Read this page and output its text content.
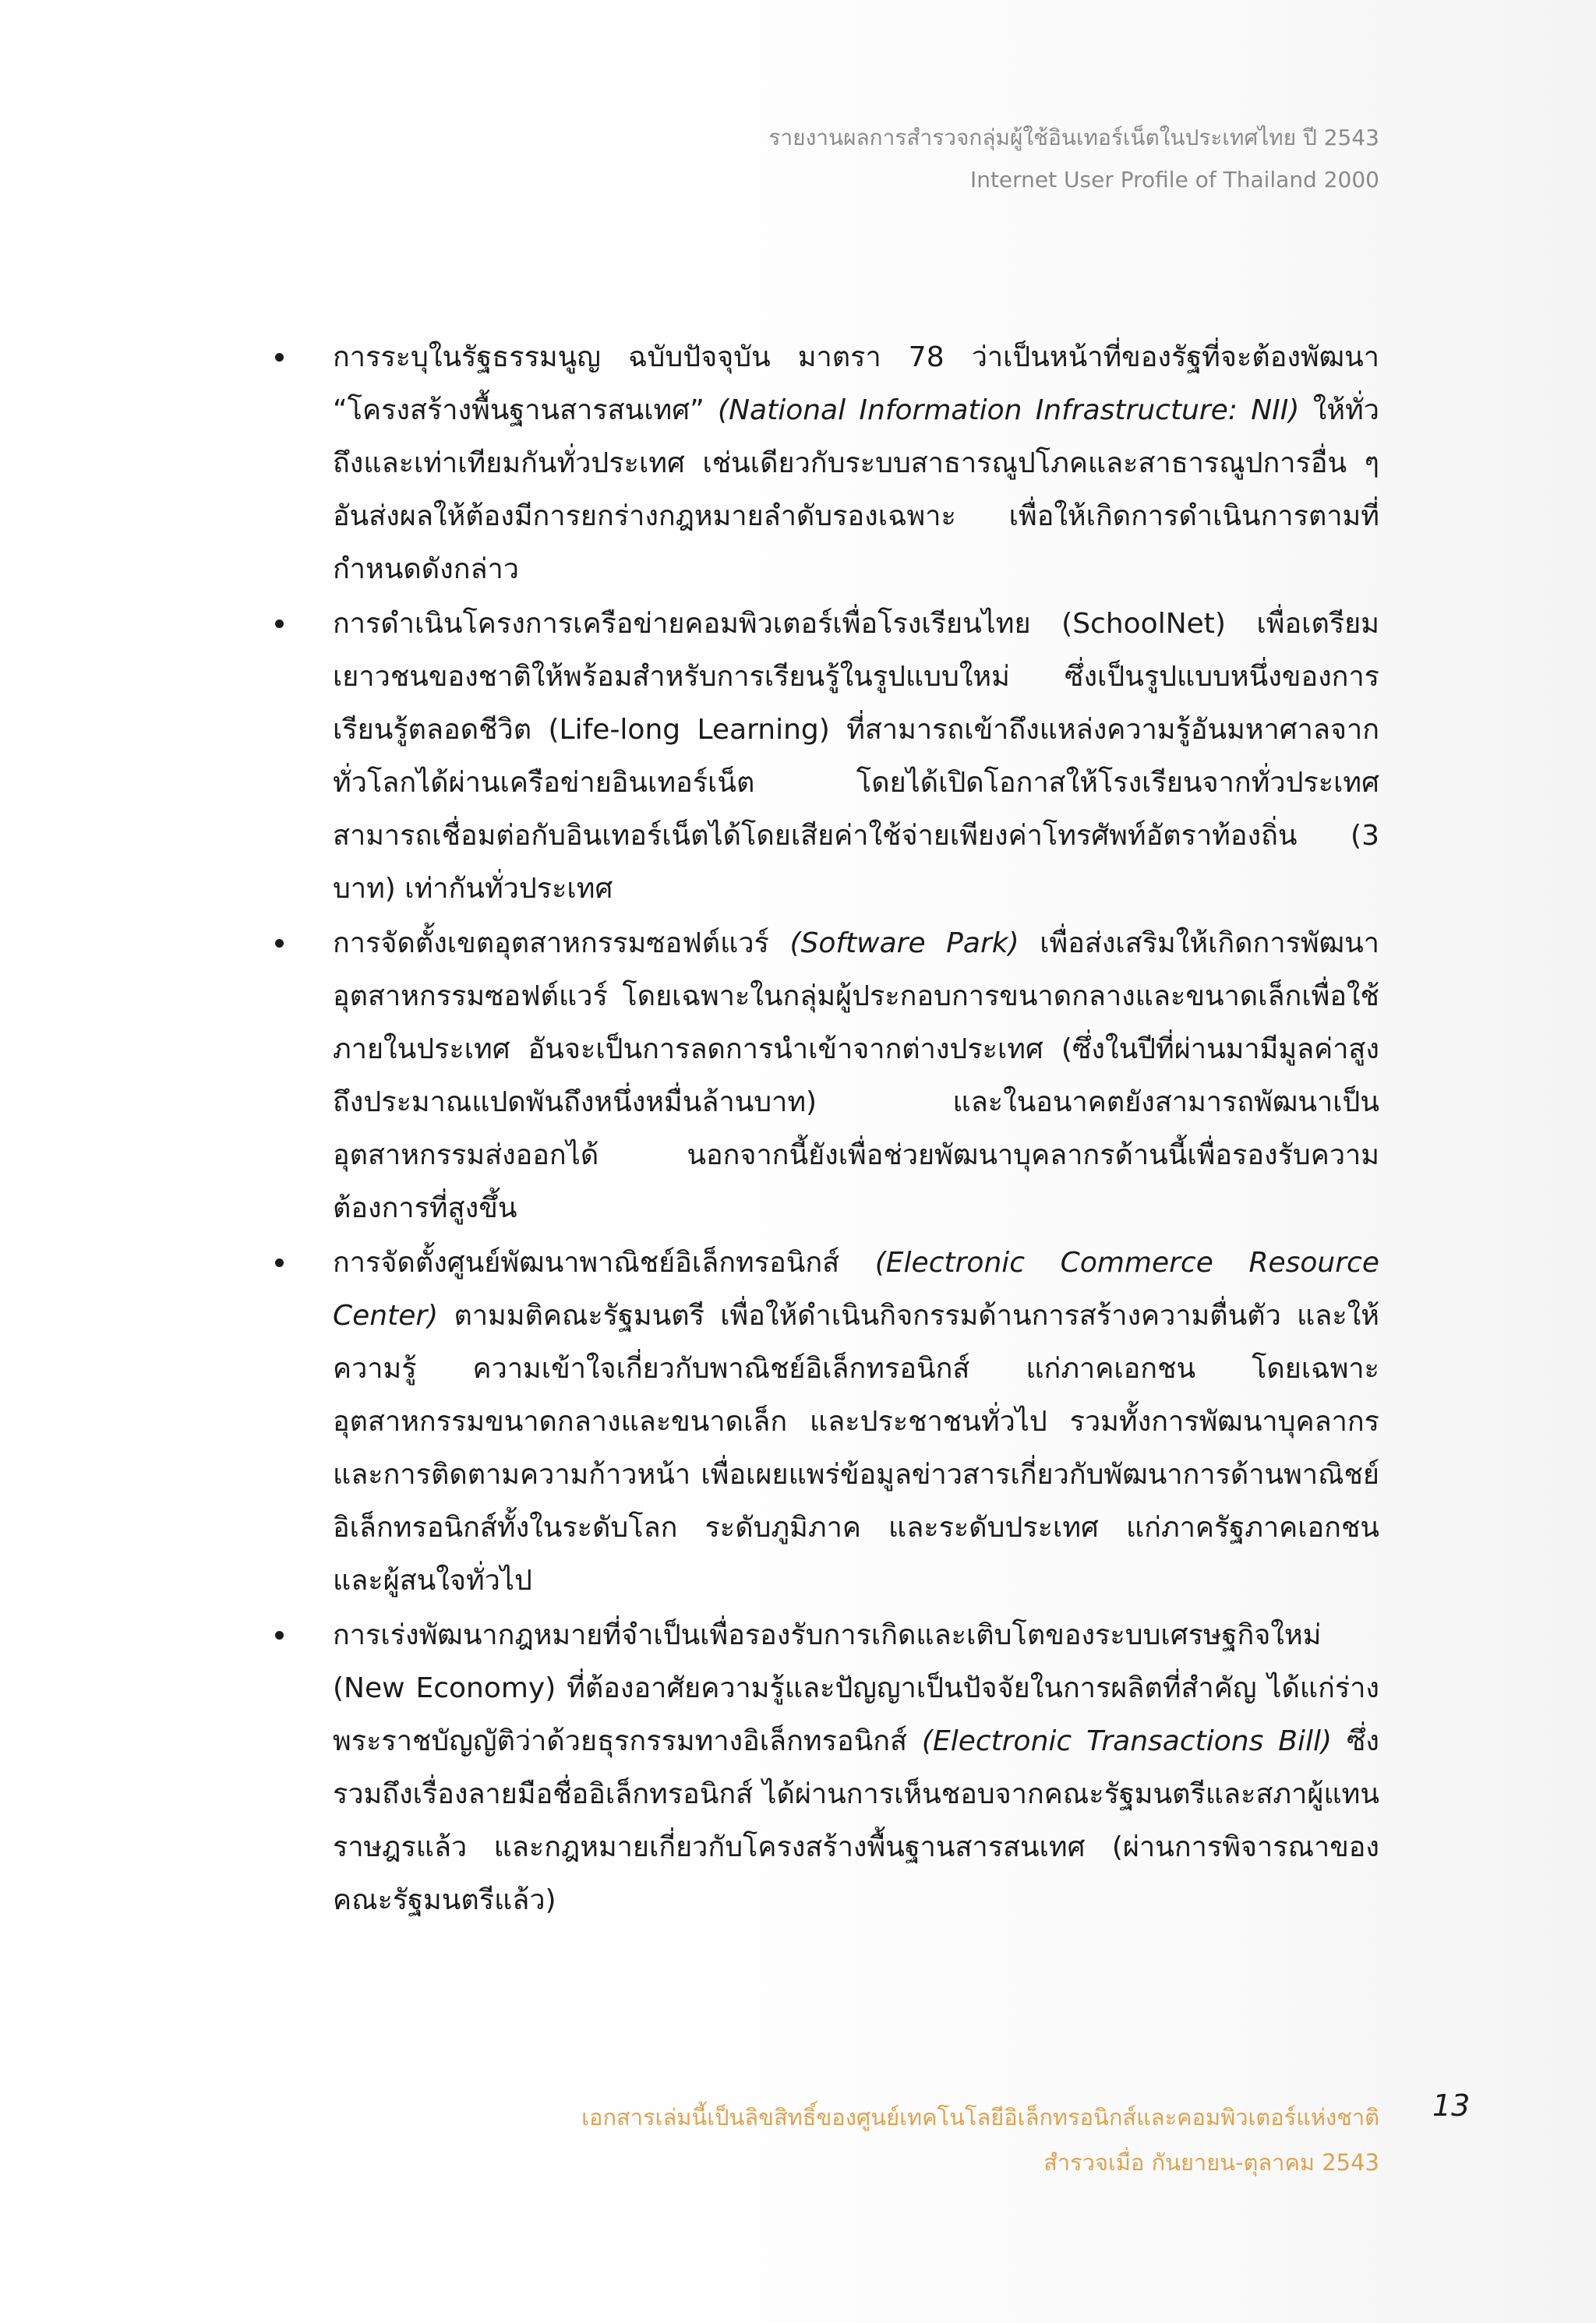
รายงานผลการสำรวจกลุ่มผู้ใช้อินเทอร์เน็ตในประเทศไทย ปี 2543
Internet User Profile of Thailand 2000
การระบุในรัฐธรรมนูญ ฉบับปัจจุบัน มาตรา 78 ว่าเป็นหน้าที่ของรัฐที่จะต้องพัฒนา “โครงสร้างพื้นฐานสารสนเทศ” (National Information Infrastructure: NII) ให้ทั่วถึงและเท่าเทียมกันทั่วประเทศ เช่นเดียวกับระบบสาธารณูปโภคและสาธารณูปการอื่น ๆ อันส่งผลให้ต้องมีการยกร่างกฎหมายลำดับรองเฉพาะ เพื่อให้เกิดการดำเนินการตามที่กำหนดดังกล่าว
การดำเนินโครงการเครือข่ายคอมพิวเตอร์เพื่อโรงเรียนไทย (SchoolNet) เพื่อเตรียมเยาวชนของชาติให้พร้อมสำหรับการเรียนรู้ในรูปแบบใหม่ ซึ่งเป็นรูปแบบหนึ่งของการเรียนรู้ตลอดชีวิต (Life-long Learning) ที่สามารถเข้าถึงแหล่งความรู้อันมหาศาลจากทั่วโลกได้ผ่านเครือข่ายอินเทอร์เน็ต โดยได้เปิดโอกาสให้โรงเรียนจากทั่วประเทศสามารถเชื่อมต่อกับอินเทอร์เน็ตได้โดยเสียค่าใช้จ่ายเพียงค่าโทรศัพท์อัตราท้องถิ่น (3 บาท) เท่ากันทั่วประเทศ
การจัดตั้งเขตอุตสาหกรรมซอฟต์แวร์ (Software Park) เพื่อส่งเสริมให้เกิดการพัฒนาอุตสาหกรรมซอฟต์แวร์ โดยเฉพาะในกลุ่มผู้ประกอบการขนาดกลางและขนาดเล็กเพื่อใช้ภายในประเทศ อันจะเป็นการลดการนำเข้าจากต่างประเทศ (ซึ่งในปีที่ผ่านมามีมูลค่าสูงถึงประมาณแปดพันถึงหนึ่งหมื่นล้านบาท) และในอนาคตยังสามารถพัฒนาเป็นอุตสาหกรรมส่งออกได้ นอกจากนี้ยังเพื่อช่วยพัฒนาบุคลากรด้านนี้เพื่อรองรับความต้องการที่สูงขึ้น
การจัดตั้งศูนย์พัฒนาพาณิชย์อิเล็กทรอนิกส์ (Electronic Commerce Resource Center) ตามมติคณะรัฐมนตรี เพื่อให้ดำเนินกิจกรรมด้านการสร้างความตื่นตัว และให้ความรู้ ความเข้าใจเกี่ยวกับพาณิชย์อิเล็กทรอนิกส์ แก่ภาคเอกชน โดยเฉพาะอุตสาหกรรมขนาดกลางและขนาดเล็ก และประชาชนทั่วไป รวมทั้งการพัฒนาบุคลากรและการติดตามความก้าวหน้า เพื่อเผยแพร่ข้อมูลข่าวสารเกี่ยวกับพัฒนาการด้านพาณิชย์อิเล็กทรอนิกส์ทั้งในระดับโลก ระดับภูมิภาค และระดับประเทศ แก่ภาครัฐภาคเอกชน และผู้สนใจทั่วไป
การเร่งพัฒนากฎหมายที่จำเป็นเพื่อรองรับการเกิดและเติบโตของระบบเศรษฐกิจใหม่ (New Economy) ที่ต้องอาศัยความรู้และปัญญาเป็นปัจจัยในการผลิตที่สำคัญ ได้แก่ร่างพระราชบัญญัติว่าด้วยธุรกรรมทางอิเล็กทรอนิกส์ (Electronic Transactions Bill) ซึ่งรวมถึงเรื่องลายมือชื่ออิเล็กทรอนิกส์ ได้ผ่านการเห็นชอบจากคณะรัฐมนตรีและสภาผู้แทนราษฎรแล้ว และกฎหมายเกี่ยวกับโครงสร้างพื้นฐานสารสนเทศ (ผ่านการพิจารณาของคณะรัฐมนตรีแล้ว)
เอกสารเล่มนี้เป็นลิขสิทธิ์ของศูนย์เทคโนโลยีอิเล็กทรอนิกส์และคอมพิวเตอร์แห่งชาติ
สำรวจเมื่อ กันยายน-ตุลาคม 2543
13
